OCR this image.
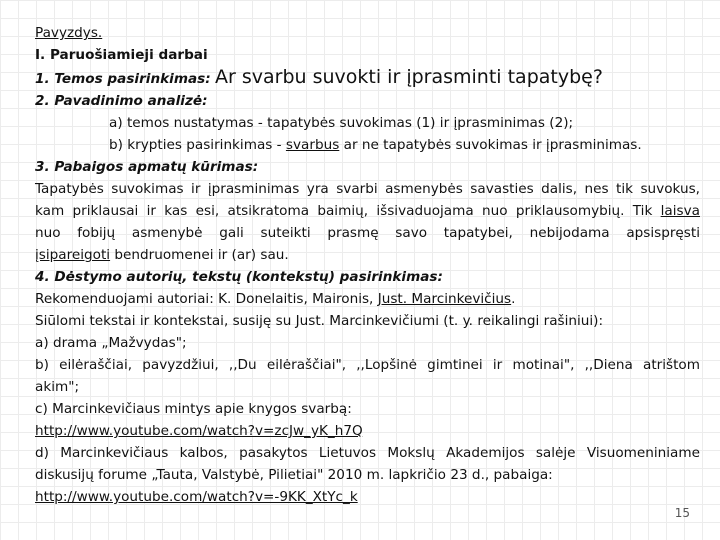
Pavyzdys.
I. Paruošiamieji darbai
1. Temos pasirinkimas: Ar svarbu suvokti ir įprasminti tapatybę?
2. Pavadinimo analizė:
a) temos nustatymas - tapatybės suvokimas (1) ir įprasminimas (2);
b) krypties pasirinkimas - svarbus ar ne tapatybės suvokimas ir įprasminimas.
3. Pabaigos apmatų kūrimas:
Tapatybės suvokimas ir įprasminimas yra svarbi asmenybės savasties dalis, nes tik suvokus,
kam priklausai ir kas esi, atsikratoma baimių, išsivaduojama nuo priklausomybių. Tik laisva
nuo fobijų asmenybė gali suteikti prasmę savo tapatybei, nebijodama apsispręsti
įsipareigoti bendruomenei ir (ar) sau.
4. Dėstymo autorių, tekstų (kontekstų) pasirinkimas:
Rekomenduojami autoriai: K. Donelaitis, Maironis, Just. Marcinkevičius.
Siūlomi tekstai ir kontekstai, susiję su Just. Marcinkevičiumi (t. y. reikalingi rašiniui):
a) drama „Mažvydas";
b) eilėraščiai, pavyzdžiui, ,,Du eilėraščiai", ,,Lopšinė gimtinei ir motinai", ,,Diena atrištom
akim";
c) Marcinkevičiaus mintys apie knygos svarbą:
http://www.youtube.com/watch?v=zcJw_yK_h7Q
d) Marcinkevičiaus kalbos, pasakytos Lietuvos Mokslų Akademijos salėje Visuomeniniame
diskusijų forume „Tauta, Valstybė, Pilietiai" 2010 m. lapkričio 23 d., pabaiga:
http://www.youtube.com/watch?v=-9KK_XtYc_k
15
